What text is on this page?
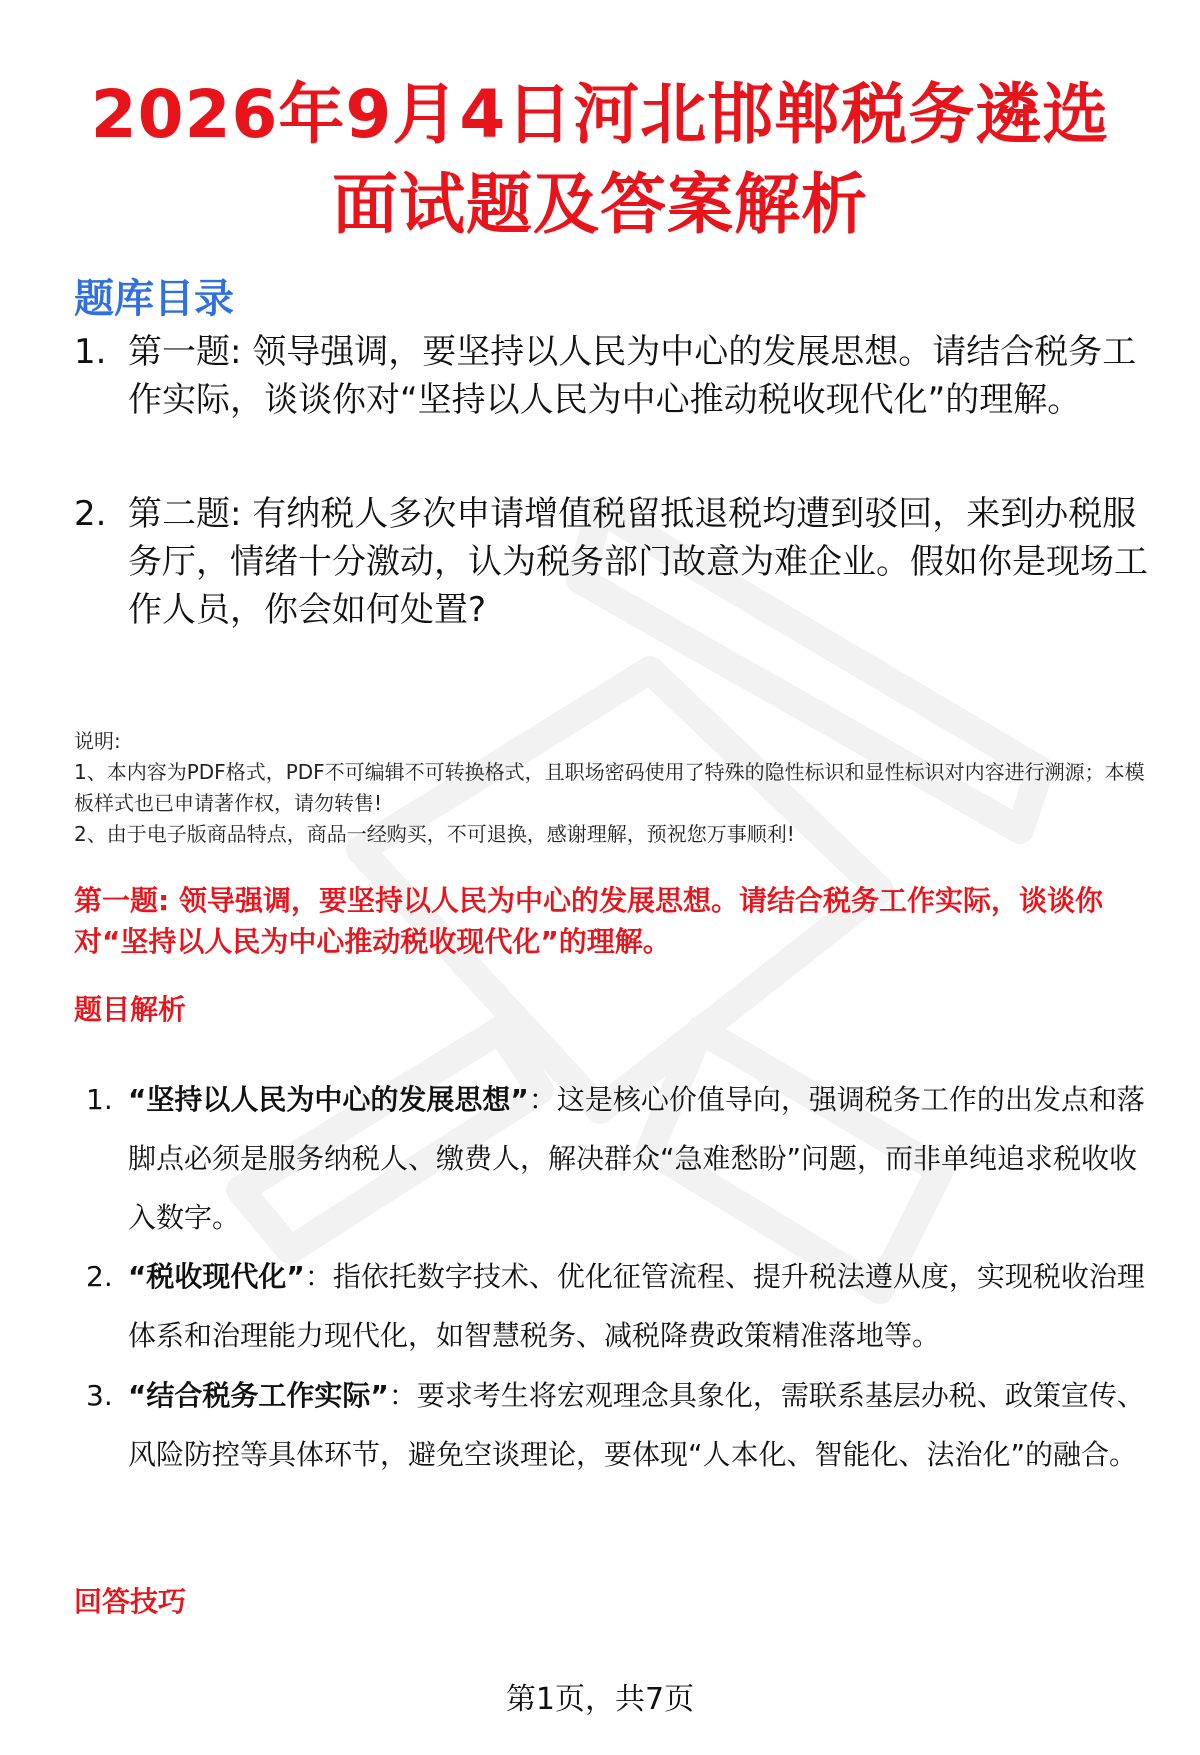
2026年9月4日河北邯郸税务遴选面试题及答案解析
题库目录
1. 第一题: 领导强调，要坚持以人民为中心的发展思想。请结合税务工作实际，谈谈你对“坚持以人民为中心推动税收现代化”的理解。
2. 第二题: 有纳税人多次申请增值税留抵退税均遭到驳回，来到办税服务厅，情绪十分激动，认为税务部门故意为难企业。假如你是现场工作人员，你会如何处置?

说明:

1、本内容为PDF格式，PDF不可编辑不可转换格式，且职场密码使用了特殊的隐性标识和显性标识对内容进行溯源；本模板样式也已申请著作权，请勿转售!

2、由于电子版商品特点，商品一经购买，不可退换，感谢理解，预祝您万事顺利!

第一题: 领导强调，要坚持以人民为中心的发展思想。请结合税务工作实际，谈谈你对“坚持以人民为中心推动税收现代化”的理解。
题目解析
1. “坚持以人民为中心的发展思想”：这是核心价值导向，强调税务工作的出发点和落脚点必须是服务纳税人、缴费人，解决群众“急难愁盼”问题，而非单纯追求税收收入数字。
2. “税收现代化”：指依托数字技术、优化征管流程、提升税法遵从度，实现税收治理体系和治理能力现代化，如智慧税务、减税降费政策精准落地等。
3. “结合税务工作实际”：要求考生将宏观理念具象化，需联系基层办税、政策宣传、风险防控等具体环节，避免空谈理论，要体现“人本化、智能化、法治化”的融合。
回答技巧
第1页，共7页
